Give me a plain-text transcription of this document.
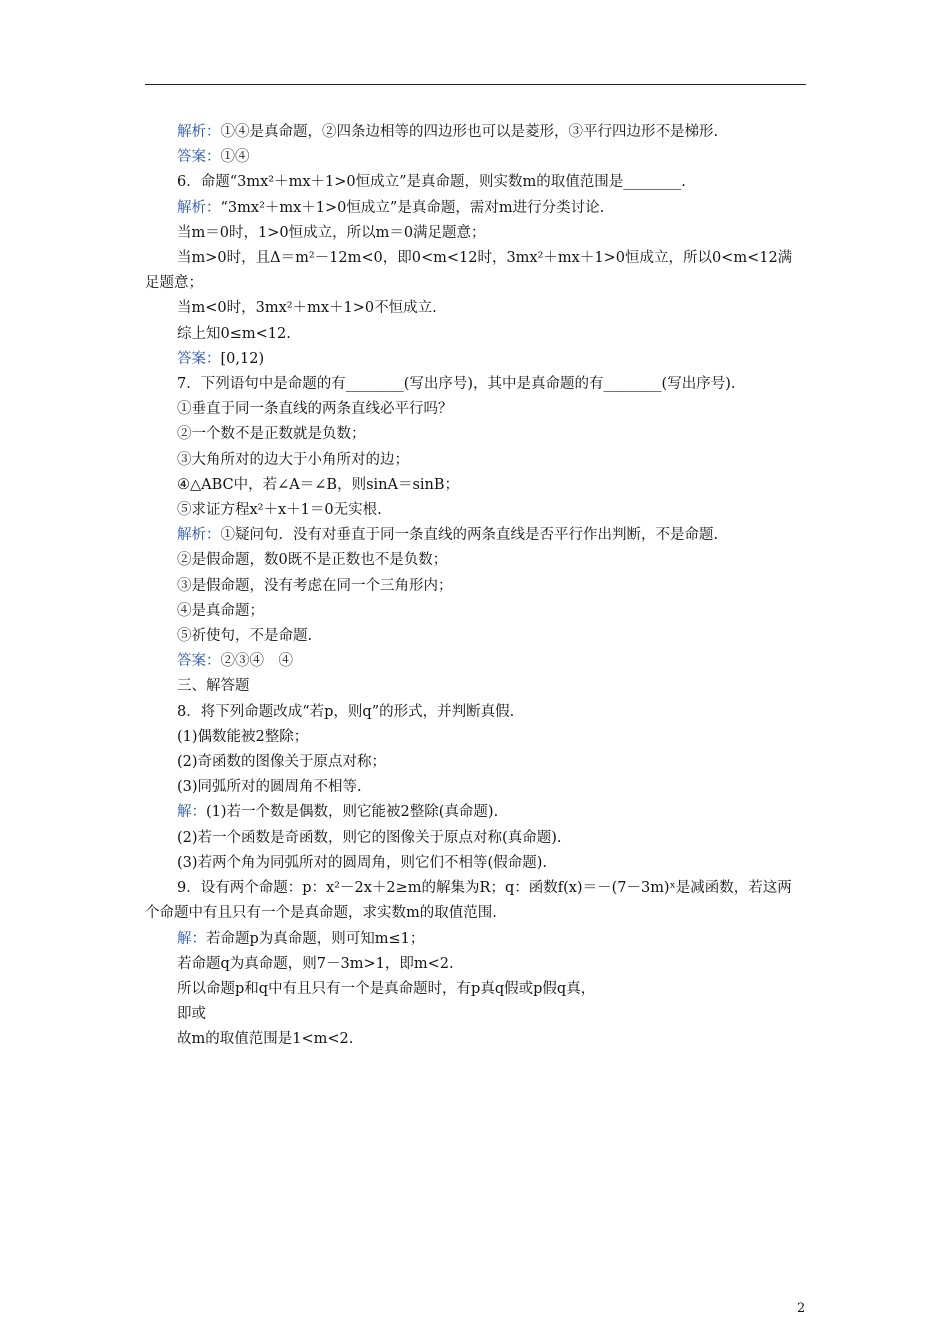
解析：①④是真命题，②四条边相等的四边形也可以是菱形，③平行四边形不是梯形.
答案：①④
6．命题“3mx²＋mx＋1>0恒成立”是真命题，则实数m的取值范围是________.
解析：“3mx²＋mx＋1>0恒成立”是真命题，需对m进行分类讨论.
当m＝0时，1>0恒成立，所以m＝0满足题意；
当m>0时，且Δ＝m²－12m<0，即0<m<12时，3mx²＋mx＋1>0恒成立，所以0<m<12满足题意；
当m<0时，3mx²＋mx＋1>0不恒成立.
综上知0≤m<12.
答案：[0,12)
7．下列语句中是命题的有________(写出序号)，其中是真命题的有________(写出序号).
①垂直于同一条直线的两条直线必平行吗？
②一个数不是正数就是负数；
③大角所对的边大于小角所对的边；
④△ABC中，若∠A＝∠B，则sinA＝sinB；
⑤求证方程x²＋x＋1＝0无实根.
解析：①疑问句．没有对垂直于同一条直线的两条直线是否平行作出判断，不是命题.
②是假命题，数0既不是正数也不是负数；
③是假命题，没有考虑在同一个三角形内；
④是真命题；
⑤祈使句，不是命题.
答案：②③④　④
三、解答题
8．将下列命题改成“若p，则q”的形式，并判断真假.
(1)偶数能被2整除；
(2)奇函数的图像关于原点对称；
(3)同弧所对的圆周角不相等.
解：(1)若一个数是偶数，则它能被2整除(真命题).
(2)若一个函数是奇函数，则它的图像关于原点对称(真命题).
(3)若两个角为同弧所对的圆周角，则它们不相等(假命题).
9．设有两个命题：p：x²－2x＋2≥m的解集为R；q：函数f(x)＝－(7－3m)ˣ是减函数，若这两个命题中有且只有一个是真命题，求实数m的取值范围.
解：若命题p为真命题，则可知m≤1；
若命题q为真命题，则7－3m>1，即m<2.
所以命题p和q中有且只有一个是真命题时，有p真q假或p假q真，
即或
故m的取值范围是1<m<2.
2
